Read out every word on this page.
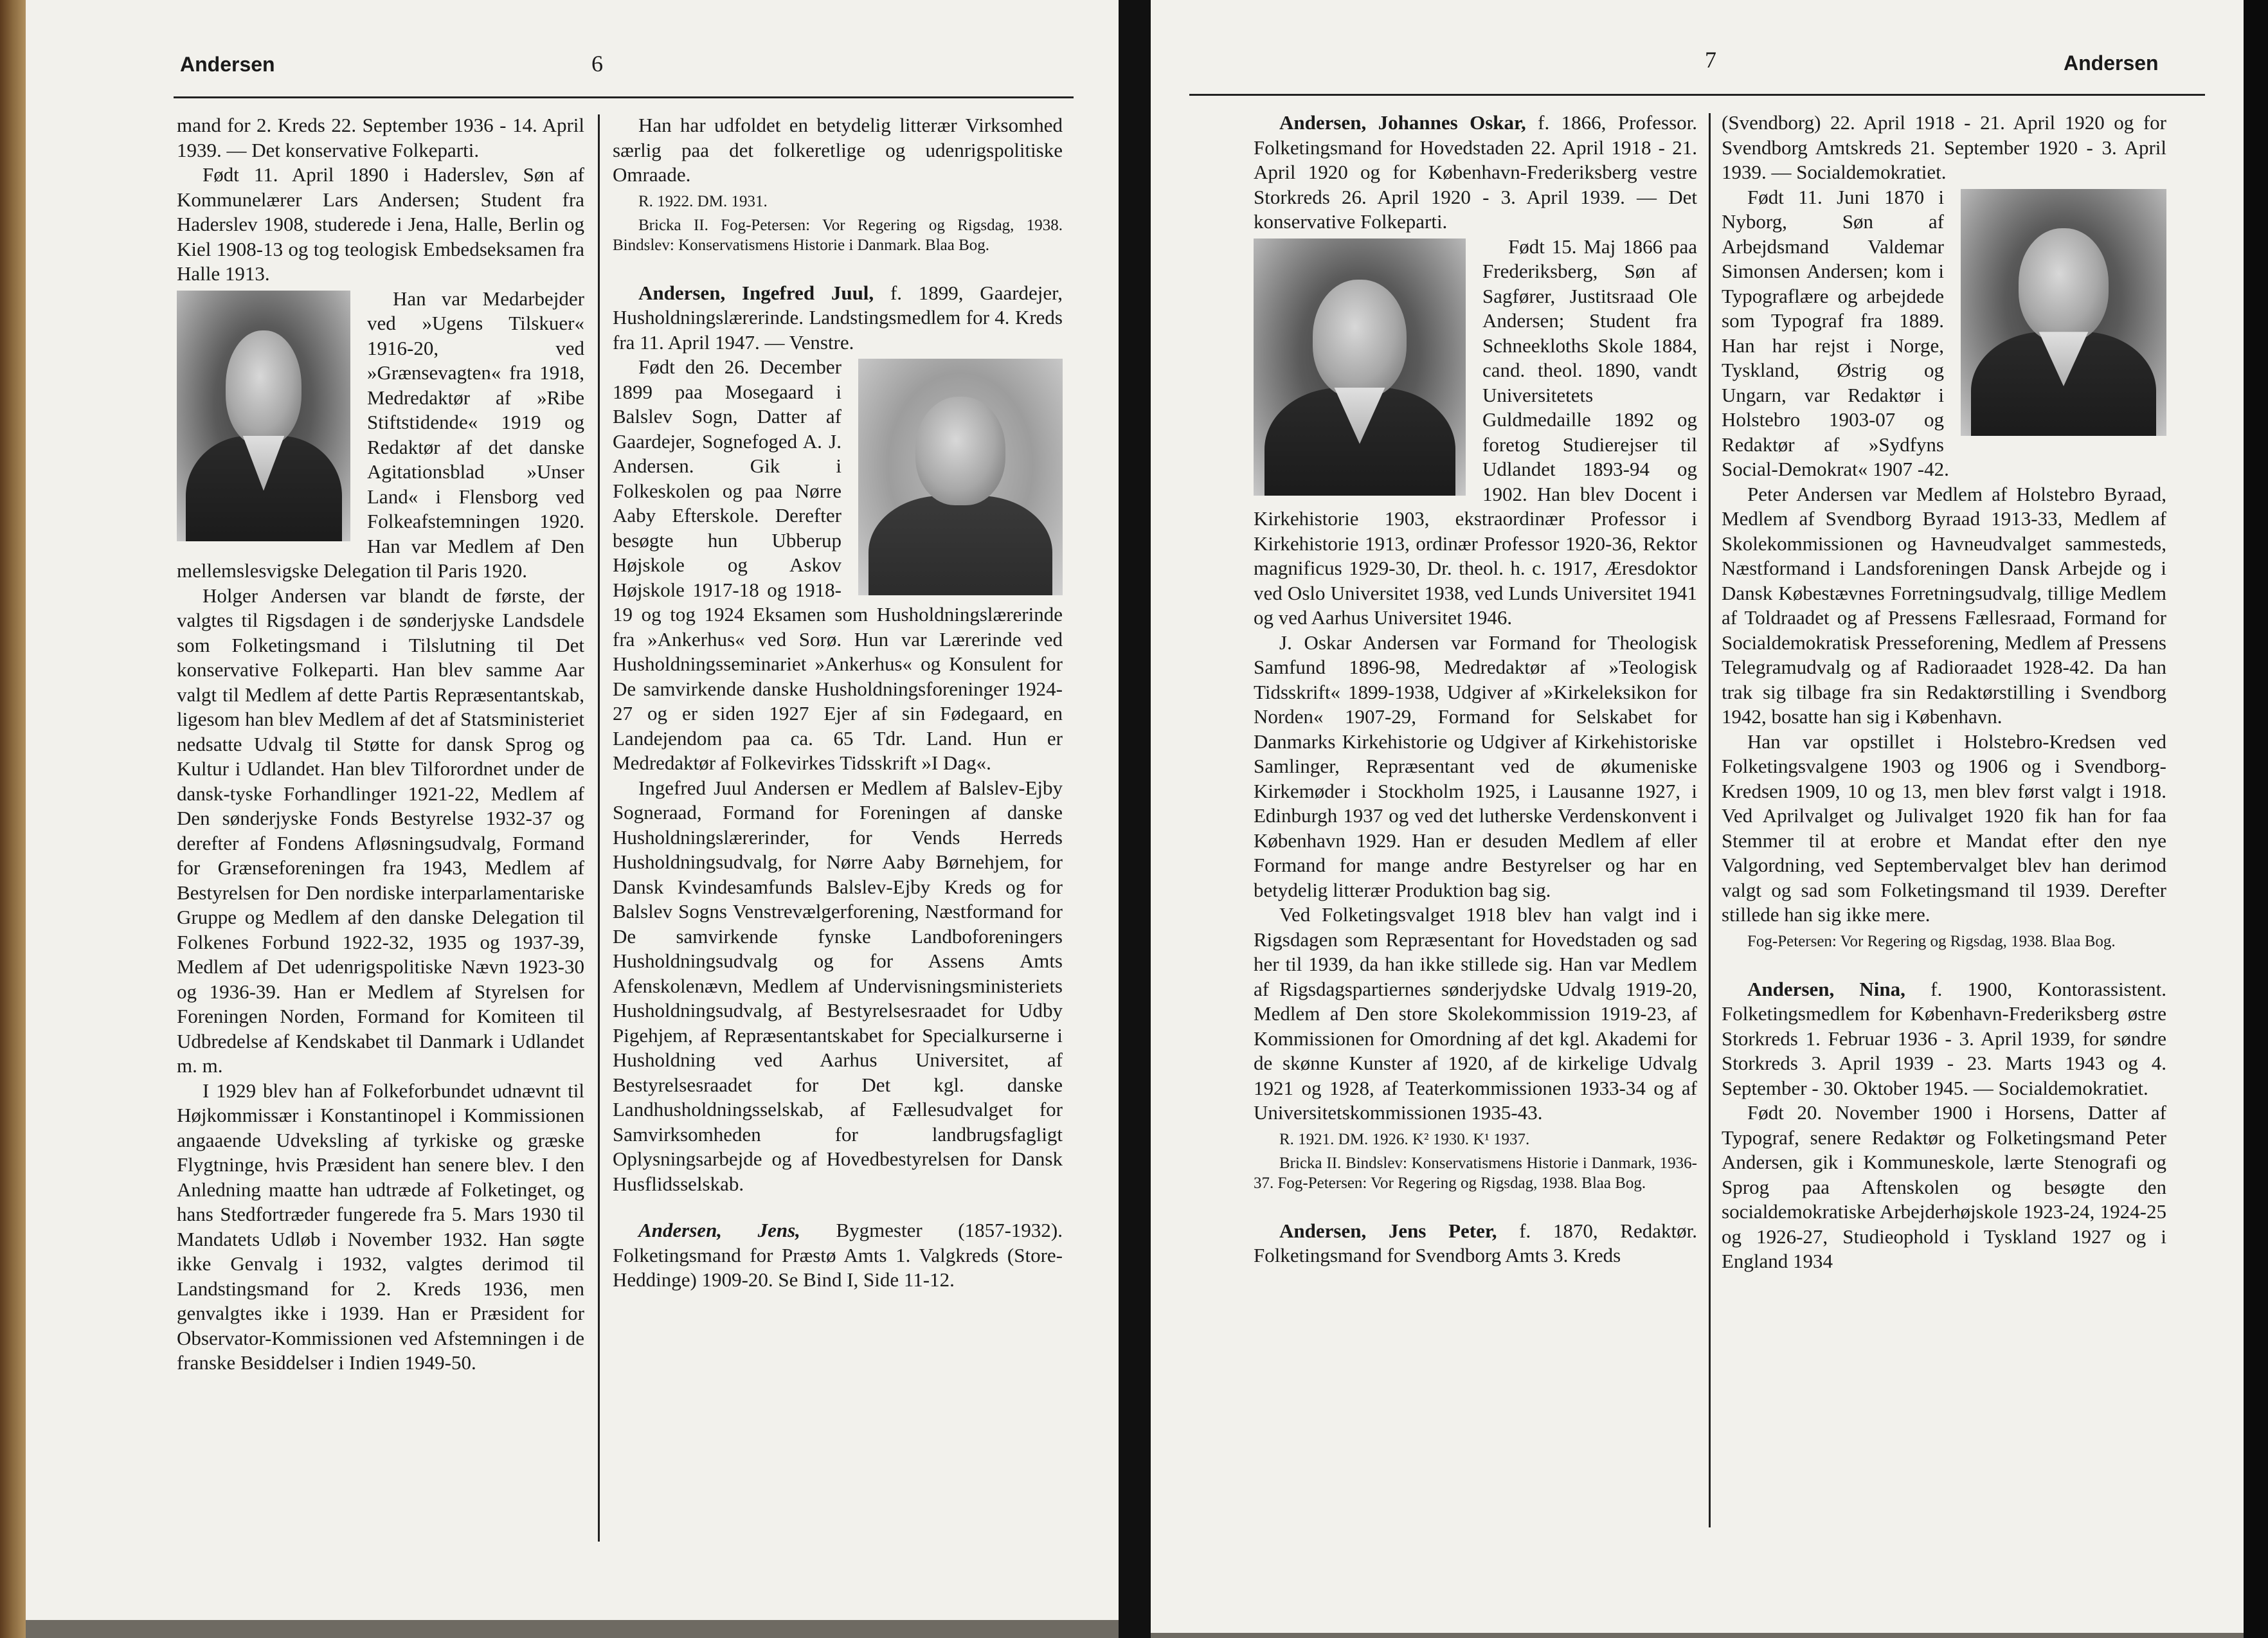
Andersen	6

mand for 2. Kreds 22. September 1936 - 14. April 1939. — Det konservative Folkeparti.

Født 11. April 1890 i Haderslev, Søn af Kommunelærer Lars Andersen; Student fra Haderslev 1908, studerede i Jena, Halle, Berlin og Kiel 1908-13 og tog teologisk Embedseksamen fra Halle 1913.

Han var Medarbejder ved »Ugens Tilskuer« 1916-20, ved »Grænsevagten« fra 1918, Medredaktør af »Ribe Stiftstidende« 1919 og Redaktør af det danske Agitationsblad »Unser Land« i Flensborg ved Folkeafstemningen 1920. Han var Medlem af Den mellemslesvigske Delegation til Paris 1920.

Holger Andersen var blandt de første, der valgtes til Rigsdagen i de sønderjyske Landsdele som Folketingsmand i Tilslutning til Det konservative Folkeparti. Han blev samme Aar valgt til Medlem af dette Partis Repræsentantskab, ligesom han blev Medlem af det af Statsministeriet nedsatte Udvalg til Støtte for dansk Sprog og Kultur i Udlandet. Han blev Tilforordnet under de dansk-tyske Forhandlinger 1921-22, Medlem af Den sønderjyske Fonds Bestyrelse 1932-37 og derefter af Fondens Afløsningsudvalg, Formand for Grænseforeningen fra 1943, Medlem af Bestyrelsen for Den nordiske interparlamentariske Gruppe og Medlem af den danske Delegation til Folkenes Forbund 1922-32, 1935 og 1937-39, Medlem af Det udenrigspolitiske Nævn 1923-30 og 1936-39. Han er Medlem af Styrelsen for Foreningen Norden, Formand for Komiteen til Udbredelse af Kendskabet til Danmark i Udlandet m. m.

I 1929 blev han af Folkeforbundet udnævnt til Højkommissær i Konstantinopel i Kommissionen angaaende Udveksling af tyrkiske og græske Flygtninge, hvis Præsident han senere blev. I den Anledning maatte han udtræde af Folketinget, og hans Stedfortræder fungerede fra 5. Mars 1930 til Mandatets Udløb i November 1932. Han søgte ikke Genvalg i 1932, valgtes derimod til Landstingsmand for 2. Kreds 1936, men genvalgtes ikke i 1939. Han er Præsident for Observator-Kommissionen ved Afstemningen i de franske Besiddelser i Indien 1949-50.

Han har udfoldet en betydelig litterær Virksomhed særlig paa det folkeretlige og udenrigspolitiske Omraade.

R. 1922. DM. 1931.

Bricka II. Fog-Petersen: Vor Regering og Rigsdag, 1938. Bindslev: Konservatismens Historie i Danmark. Blaa Bog.

Andersen, Ingefred Juul, f. 1899, Gaardejer, Husholdningslærerinde. Landstingsmedlem for 4. Kreds fra 11. April 1947. — Venstre.

Født den 26. December 1899 paa Mosegaard i Balslev Sogn, Datter af Gaardejer, Sognefoged A. J. Andersen. Gik i Folkeskolen og paa Nørre Aaby Efterskole. Derefter besøgte hun Ubberup Højskole og Askov Højskole 1917-18 og 1918-19 og tog 1924 Eksamen som Husholdningslærerinde fra »Ankerhus« ved Sorø. Hun var Lærerinde ved Husholdningsseminariet »Ankerhus« og Konsulent for De samvirkende danske Husholdningsforeninger 1924-27 og er siden 1927 Ejer af sin Fødegaard, en Landejendom paa ca. 65 Tdr. Land. Hun er Medredaktør af Folkevirkes Tidsskrift »I Dag«.

Ingefred Juul Andersen er Medlem af Balslev-Ejby Sogneraad, Formand for Foreningen af danske Husholdningslærerinder, for Vends Herreds Husholdningsudvalg, for Nørre Aaby Børnehjem, for Dansk Kvindesamfunds Balslev-Ejby Kreds og for Balslev Sogns Venstrevælgerforening, Næstformand for De samvirkende fynske Landboforeningers Husholdningsudvalg og for Assens Amts Afenskolenævn, Medlem af Undervisningsministeriets Husholdningsudvalg, af Bestyrelsesraadet for Udby Pigehjem, af Repræsentantskabet for Specialkurserne i Husholdning ved Aarhus Universitet, af Bestyrelsesraadet for Det kgl. danske Landhusholdningsselskab, af Fællesudvalget for Samvirksomheden for landbrugsfagligt Oplysningsarbejde og af Hovedbestyrelsen for Dansk Husflidsselskab.

Andersen, Jens, Bygmester (1857-1932). Folketingsmand for Præstø Amts 1. Valgkreds (Store-Heddinge) 1909-20. Se Bind I, Side 11-12.

7	Andersen

Andersen, Johannes Oskar, f. 1866, Professor. Folketingsmand for Hovedstaden 22. April 1918 - 21. April 1920 og for København-Frederiksberg vestre Storkreds 26. April 1920 - 3. April 1939. — Det konservative Folkeparti.

Født 15. Maj 1866 paa Frederiksberg, Søn af Sagfører, Justitsraad Ole Andersen; Student fra Schneekloths Skole 1884, cand. theol. 1890, vandt Universitetets Guldmedaille 1892 og foretog Studierejser til Udlandet 1893-94 og 1902. Han blev Docent i Kirkehistorie 1903, ekstraordinær Professor i Kirkehistorie 1913, ordinær Professor 1920-36, Rektor magnificus 1929-30, Dr. theol. h. c. 1917, Æresdoktor ved Oslo Universitet 1938, ved Lunds Universitet 1941 og ved Aarhus Universitet 1946.

J. Oskar Andersen var Formand for Theologisk Samfund 1896-98, Medredaktør af »Teologisk Tidsskrift« 1899-1938, Udgiver af »Kirkeleksikon for Norden« 1907-29, Formand for Selskabet for Danmarks Kirkehistorie og Udgiver af Kirkehistoriske Samlinger, Repræsentant ved de økumeniske Kirkemøder i Stockholm 1925, i Lausanne 1927, i Edinburgh 1937 og ved det lutherske Verdenskonvent i København 1929. Han er desuden Medlem af eller Formand for mange andre Bestyrelser og har en betydelig litterær Produktion bag sig.

Ved Folketingsvalget 1918 blev han valgt ind i Rigsdagen som Repræsentant for Hovedstaden og sad her til 1939, da han ikke stillede sig. Han var Medlem af Rigsdagspartiernes sønderjydske Udvalg 1919-20, Medlem af Den store Skolekommission 1919-23, af Kommissionen for Omordning af det kgl. Akademi for de skønne Kunster af 1920, af de kirkelige Udvalg 1921 og 1928, af Teaterkommissionen 1933-34 og af Universitetskommissionen 1935-43.

R. 1921. DM. 1926. K² 1930. K¹ 1937.

Bricka II. Bindslev: Konservatismens Historie i Danmark, 1936-37. Fog-Petersen: Vor Regering og Rigsdag, 1938. Blaa Bog.

Andersen, Jens Peter, f. 1870, Redaktør. Folketingsmand for Svendborg Amts 3. Kreds

(Svendborg) 22. April 1918 - 21. April 1920 og for Svendborg Amtskreds 21. September 1920 - 3. April 1939. — Socialdemokratiet.

Født 11. Juni 1870 i Nyborg, Søn af Arbejdsmand Valdemar Simonsen Andersen; kom i Typograflære og arbejdede som Typograf fra 1889. Han har rejst i Norge, Tyskland, Østrig og Ungarn, var Redaktør i Holstebro 1903-07 og Redaktør af »Sydfyns Social-Demokrat« 1907 -42.

Peter Andersen var Medlem af Holstebro Byraad, Medlem af Svendborg Byraad 1913-33, Medlem af Skolekommissionen og Havneudvalget sammesteds, Næstformand i Landsforeningen Dansk Arbejde og i Dansk Købestævnes Forretningsudvalg, tillige Medlem af Toldraadet og af Pressens Fællesraad, Formand for Socialdemokratisk Presseforening, Medlem af Pressens Telegramudvalg og af Radioraadet 1928-42. Da han trak sig tilbage fra sin Redaktørstilling i Svendborg 1942, bosatte han sig i København.

Han var opstillet i Holstebro-Kredsen ved Folketingsvalgene 1903 og 1906 og i Svendborg-Kredsen 1909, 10 og 13, men blev først valgt i 1918. Ved Aprilvalget og Julivalget 1920 fik han for faa Stemmer til at erobre et Mandat efter den nye Valgordning, ved Septembervalget blev han derimod valgt og sad som Folketingsmand til 1939. Derefter stillede han sig ikke mere.

Fog-Petersen: Vor Regering og Rigsdag, 1938. Blaa Bog.

Andersen, Nina, f. 1900, Kontorassistent. Folketingsmedlem for København-Frederiksberg østre Storkreds 1. Februar 1936 - 3. April 1939, for søndre Storkreds 3. April 1939 - 23. Marts 1943 og 4. September - 30. Oktober 1945. — Socialdemokratiet.

Født 20. November 1900 i Horsens, Datter af Typograf, senere Redaktør og Folketingsmand Peter Andersen, gik i Kommuneskole, lærte Stenografi og Sprog paa Aftenskolen og besøgte den socialdemokratiske Arbejderhøjskole 1923-24, 1924-25 og 1926-27, Studieophold i Tyskland 1927 og i England 1934
